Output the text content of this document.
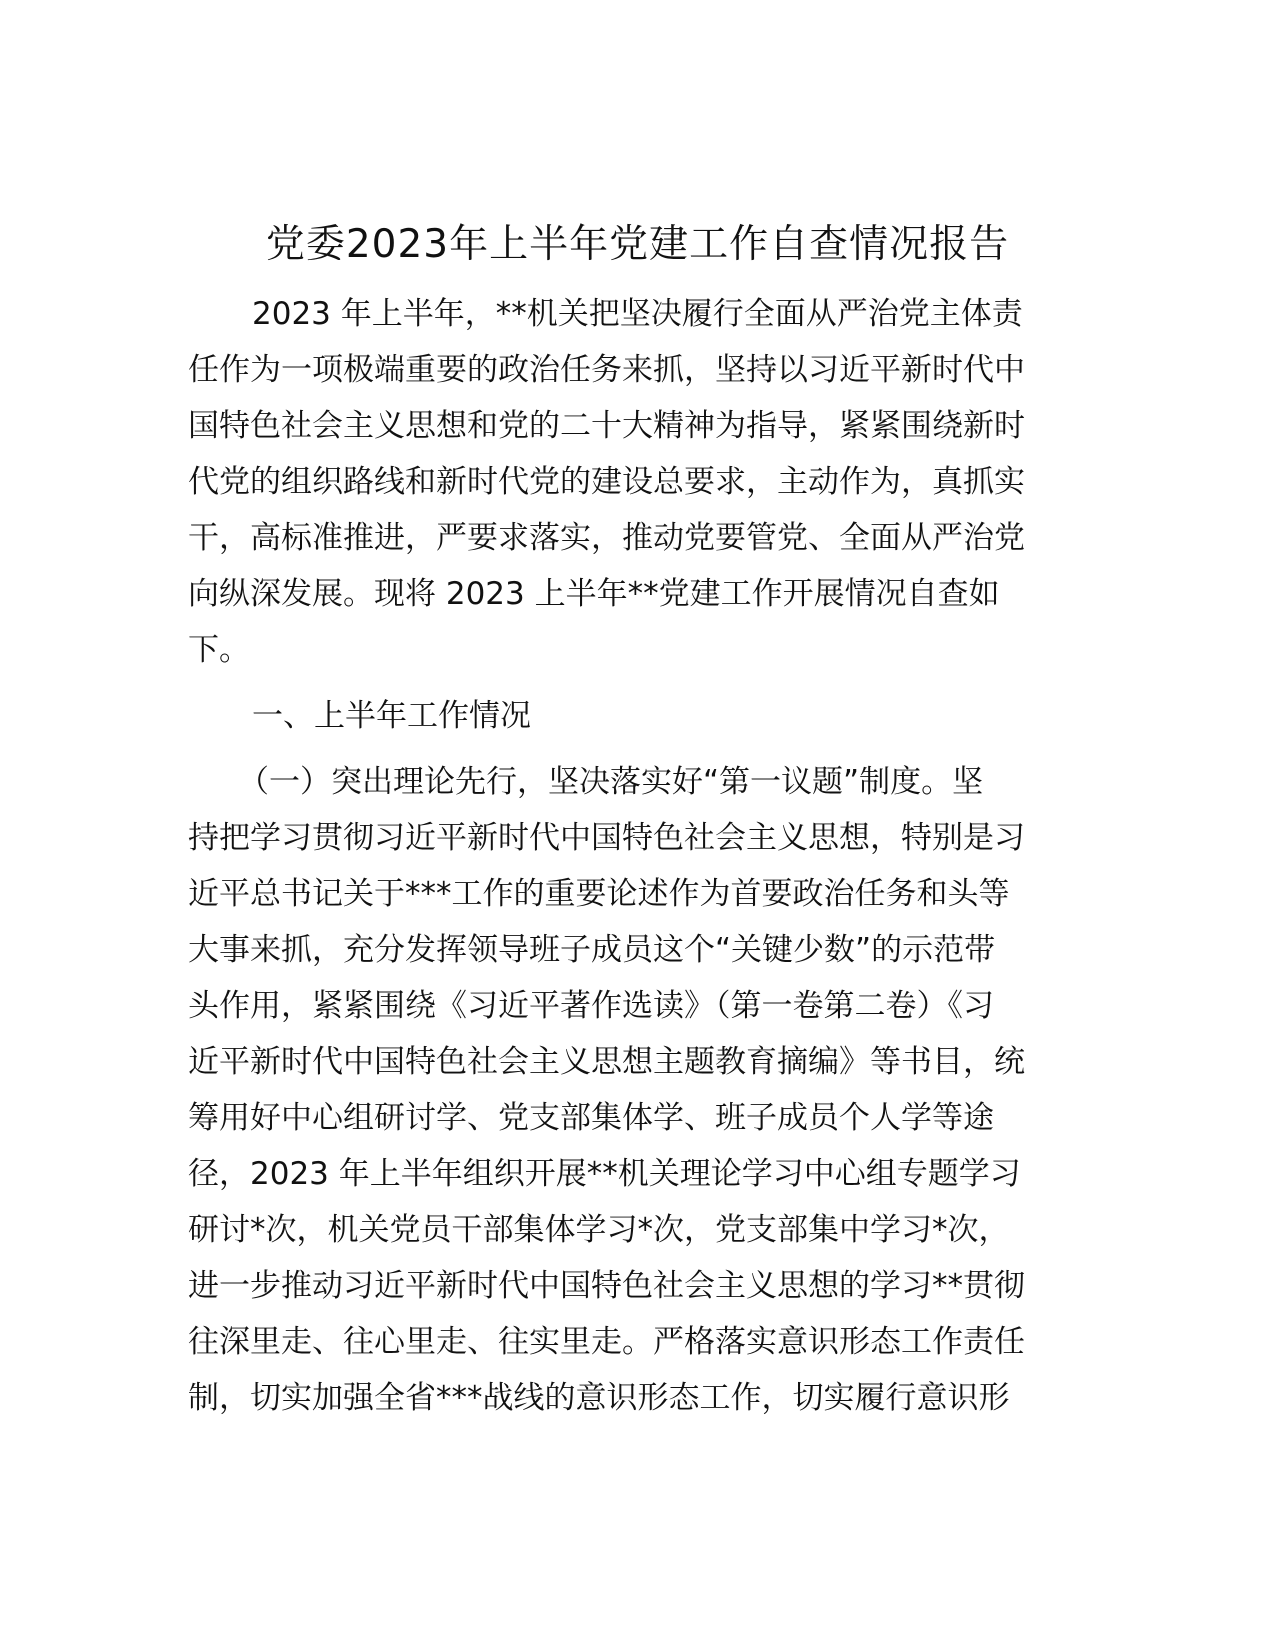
党委2023年上半年党建工作自查情况报告

2023 年上半年，**机关把坚决履行全面从严治党主体责

任作为一项极端重要的政治任务来抓，坚持以习近平新时代中

国特色社会主义思想和党的二十大精神为指导，紧紧围绕新时

代党的组织路线和新时代党的建设总要求，主动作为，真抓实

干，高标准推进，严要求落实，推动党要管党、全面从严治党

向纵深发展。现将 2023 上半年**党建工作开展情况自查如

下。

一、上半年工作情况

（一）突出理论先行，坚决落实好“第一议题”制度。坚

持把学习贯彻习近平新时代中国特色社会主义思想，特别是习

近平总书记关于***工作的重要论述作为首要政治任务和头等

大事来抓，充分发挥领导班子成员这个“关键少数”的示范带

头作用，紧紧围绕《习近平著作选读》（第一卷第二卷）《习

近平新时代中国特色社会主义思想主题教育摘编》等书目，统

筹用好中心组研讨学、党支部集体学、班子成员个人学等途

径，2023 年上半年组织开展**机关理论学习中心组专题学习

研讨*次，机关党员干部集体学习*次，党支部集中学习*次，

进一步推动习近平新时代中国特色社会主义思想的学习**贯彻

往深里走、往心里走、往实里走。严格落实意识形态工作责任

制，切实加强全省***战线的意识形态工作，切实履行意识形
